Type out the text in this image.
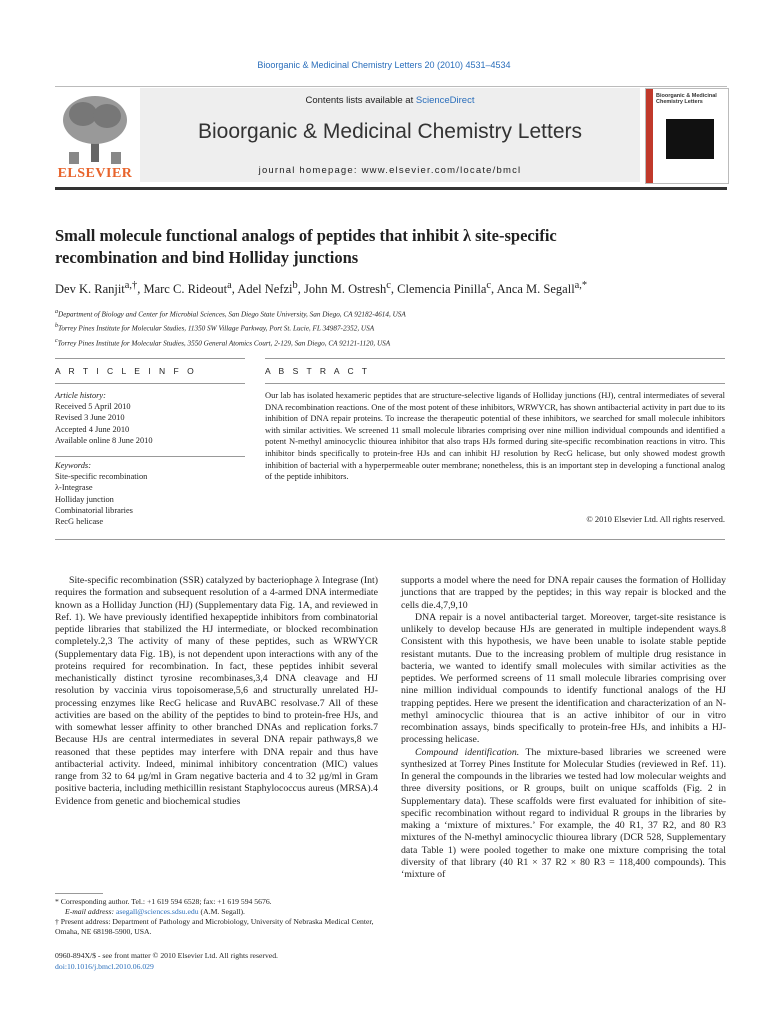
Bioorganic & Medicinal Chemistry Letters 20 (2010) 4531–4534
ELSEVIER
Contents lists available at ScienceDirect
Bioorganic & Medicinal Chemistry Letters
journal homepage: www.elsevier.com/locate/bmcl
Bioorganic & Medicinal Chemistry Letters
Small molecule functional analogs of peptides that inhibit λ site-specific
recombination and bind Holliday junctions
Dev K. Ranjit$^{a,\dagger}$, Marc C. Rideout$^a$, Adel Nefzi$^b$, John M. Ostresh$^c$, Clemencia Pinilla$^c$, Anca M. Segall$^{a,*}$
$^a$Department of Biology and Center for Microbial Sciences, San Diego State University, San Diego, CA 92182-4614, USA
$^b$Torrey Pines Institute for Molecular Studies, 11350 SW Village Parkway, Port St. Lucie, FL 34987-2352, USA
$^c$Torrey Pines Institute for Molecular Studies, 3550 General Atomics Court, 2-129, San Diego, CA 92121-1120, USA
A R T I C L E I N F O	A B S T R A C T
Article history:
Received 5 April 2010
Revised 3 June 2010
Accepted 4 June 2010
Available online 8 June 2010
Keywords:
Site-specific recombination
λ-Integrase
Holliday junction
Combinatorial libraries
RecG helicase
Our lab has isolated hexameric peptides that are structure-selective ligands of Holliday junctions (HJ), central intermediates of several DNA recombination reactions. One of the most potent of these inhibitors, WRWYCR, has shown antibacterial activity in part due to its inhibition of DNA repair proteins. To increase the therapeutic potential of these inhibitors, we searched for small molecule inhibitors with similar activities. We screened 11 small molecule libraries comprising over nine million individual compounds and identified a potent N-methyl aminocyclic thiourea inhibitor that also traps HJs formed during site-specific recombination reactions in vitro. This inhibitor binds specifically to protein-free HJs and can inhibit HJ resolution by RecG helicase, but only showed modest growth inhibition of bacterial with a hyperpermeable outer membrane; nonetheless, this is an important step in developing a functional analog of the peptide inhibitors.
© 2010 Elsevier Ltd. All rights reserved.

Site-specific recombination (SSR) catalyzed by bacteriophage λ Integrase (Int) requires the formation and subsequent resolution of a 4-armed DNA intermediate known as a Holliday Junction (HJ) (Supplementary data Fig. 1A, and reviewed in Ref. 1). We have previously identified hexapeptide inhibitors from combinatorial peptide libraries that stabilized the HJ intermediate, or blocked recombination completely.2,3 The activity of many of these peptides, such as WRWYCR (Supplementary data Fig. 1B), is not dependent upon interactions with any of the proteins required for recombination. In fact, these peptides inhibit several mechanistically distinct tyrosine recombinases,3,4 DNA cleavage and HJ resolution by vaccinia virus topoisomerase,5,6 and structurally unrelated HJ-processing enzymes like RecG helicase and RuvABC resolvase.7 All of these activities are based on the ability of the peptides to bind to protein-free HJs, and with somewhat lesser affinity to other branched DNAs and replication forks.7 Because HJs are central intermediates in several DNA repair pathways,8 we reasoned that these peptides may interfere with DNA repair and thus have antibacterial activity. Indeed, minimal inhibitory concentration (MIC) values range from 32 to 64 μg/ml in Gram negative bacteria and 4 to 32 μg/ml in Gram positive bacteria, including methicillin resistant Staphylococcus aureus (MRSA).4 Evidence from genetic and biochemical studies

supports a model where the need for DNA repair causes the formation of Holliday junctions that are trapped by the peptides; in this way repair is blocked and the cells die.4,7,9,10

DNA repair is a novel antibacterial target. Moreover, target-site resistance is unlikely to develop because HJs are generated in multiple independent ways.8 Consistent with this hypothesis, we have been unable to isolate stable peptide resistant mutants. Due to the increasing problem of multiple drug resistance in bacteria, we wanted to identify small molecules with similar activities as the peptides. We performed screens of 11 small molecule libraries comprising over nine million individual compounds to identify functional analogs of the HJ trapping peptides. Here we present the identification and characterization of an N-methyl aminocyclic thiourea that is an active inhibitor of our in vitro recombination assays, binds specifically to protein-free HJs, and inhibits a HJ-processing helicase.

Compound identification. The mixture-based libraries we screened were synthesized at Torrey Pines Institute for Molecular Studies (reviewed in Ref. 11). In general the compounds in the libraries we tested had low molecular weights and three diversity positions, or R groups, built on unique scaffolds (Fig. 2 in Supplementary data). These scaffolds were first evaluated for inhibition of site-specific recombination without regard to individual R groups in the libraries by making a ‘mixture of mixtures.’ For example, the 40 R1, 37 R2, and 80 R3 mixtures of the N-methyl aminocyclic thiourea library (DCR 528, Supplementary data Table 1) were pooled together to make one mixture comprising the total diversity of that library (40 R1 × 37 R2 × 80 R3 = 118,400 compounds). This ‘mixture of

* Corresponding author. Tel.: +1 619 594 6528; fax: +1 619 594 5676.

E-mail address: asegall@sciences.sdsu.edu (A.M. Segall).

† Present address: Department of Pathology and Microbiology, University of Nebraska Medical Center, Omaha, NE 68198-5900, USA.

0960-894X/$ - see front matter © 2010 Elsevier Ltd. All rights reserved.
doi:10.1016/j.bmcl.2010.06.029
